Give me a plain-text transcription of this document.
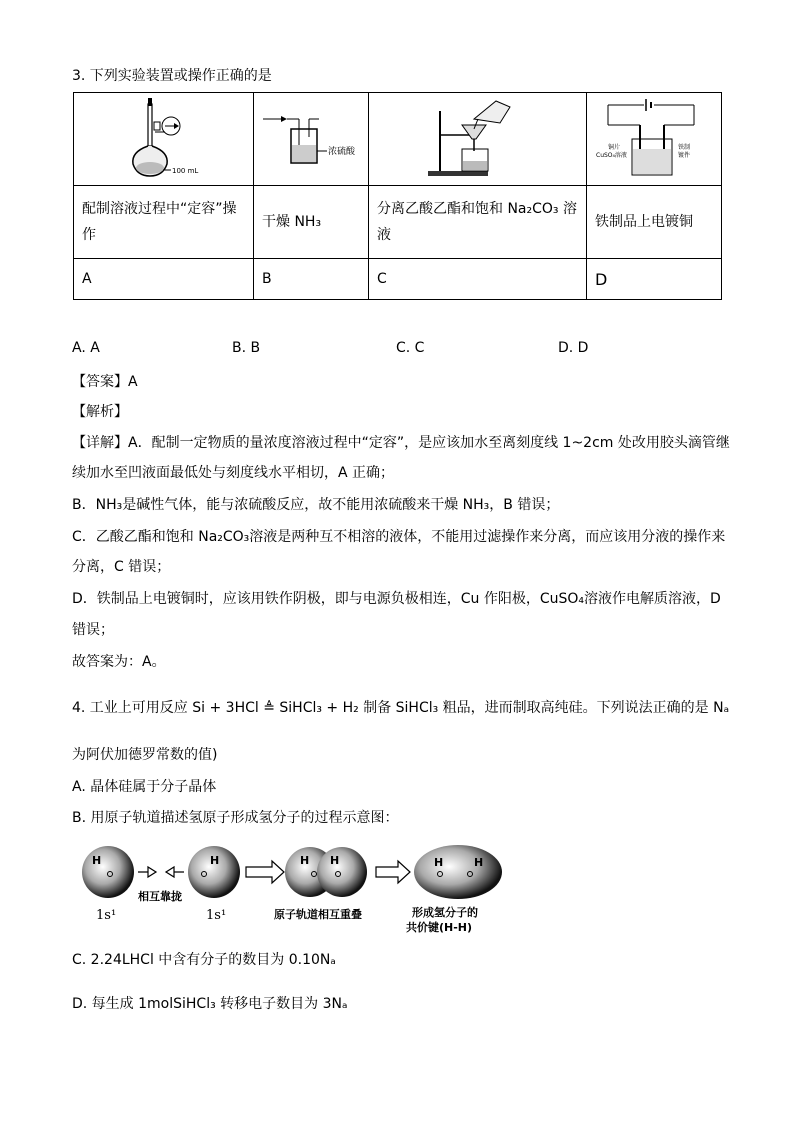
3. 下列实验装置或操作正确的是
100 mL	浓硫酸		铜片
CuSO₄溶液
铁制
镀件

配制溶液过程中“定容”操作	干燥 NH₃	分离乙酸乙酯和饱和 Na₂CO₃ 溶液	铁制品上电镀铜
A	B	C	D
A. A	B. B	C. C	D. D
【答案】A
【解析】
【详解】A．配制一定物质的量浓度溶液过程中“定容”，是应该加水至离刻度线 1~2cm 处改用胶头滴管继
续加水至凹液面最低处与刻度线水平相切，A 正确；
B．NH₃是碱性气体，能与浓硫酸反应，故不能用浓硫酸来干燥 NH₃，B 错误；
C．乙酸乙酯和饱和 Na₂CO₃溶液是两种互不相溶的液体，不能用过滤操作来分离，而应该用分液的操作来
分离，C 错误；
D．铁制品上电镀铜时，应该用铁作阴极，即与电源负极相连，Cu 作阳极，CuSO₄溶液作电解质溶液，D
错误；
故答案为：A。
4. 工业上可用反应 Si + 3HCl ≜ SiHCl₃ + H₂ 制备 SiHCl₃ 粗品，进而制取高纯硅。下列说法正确的是 Nₐ
为阿伏加德罗常数的值)
A. 晶体硅属于分子晶体
B. 用原子轨道描述氢原子形成氢分子的过程示意图：
H
1s¹
相互靠拢
H
1s¹
H H
原子轨道相互重叠
H	H
形成氢分子的
共价键(H-H)
C. 2.24LHCl 中含有分子的数目为 0.10Nₐ
D. 每生成 1molSiHCl₃ 转移电子数目为 3Nₐ
